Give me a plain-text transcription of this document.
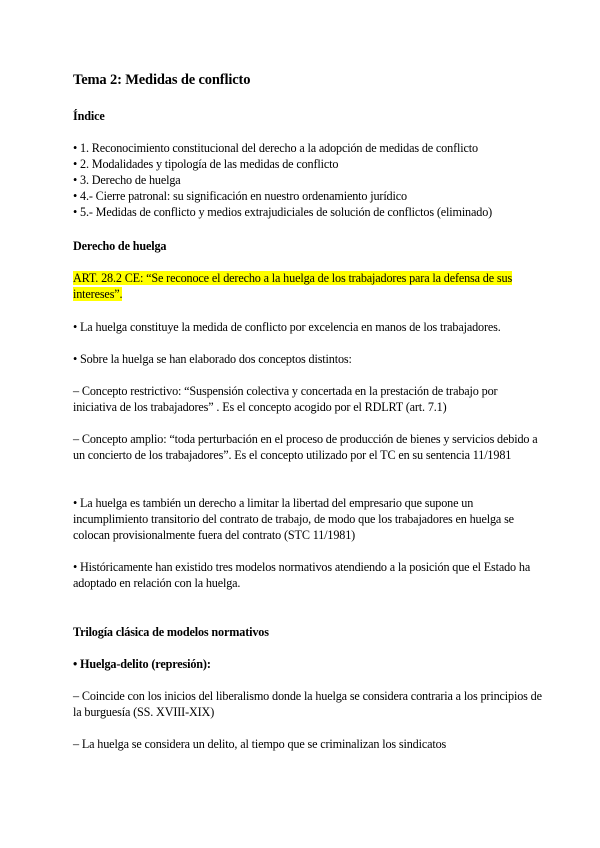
Tema 2: Medidas de conflicto

Índice

• 1. Reconocimiento constitucional del derecho a la adopción de medidas de conflicto
• 2. Modalidades y tipología de las medidas de conflicto
• 3. Derecho de huelga
• 4.- Cierre patronal: su significación en nuestro ordenamiento jurídico
• 5.- Medidas de conflicto y medios extrajudiciales de solución de conflictos (eliminado)

Derecho de huelga

ART. 28.2 CE: “Se reconoce el derecho a la huelga de los trabajadores para la defensa de sus intereses”.

• La huelga constituye la medida de conflicto por excelencia en manos de los trabajadores.

• Sobre la huelga se han elaborado dos conceptos distintos:

– Concepto restrictivo: “Suspensión colectiva y concertada en la prestación de trabajo por iniciativa de los trabajadores” . Es el concepto acogido por el RDLRT (art. 7.1)

– Concepto amplio: “toda perturbación en el proceso de producción de bienes y servicios debido a un concierto de los trabajadores”. Es el concepto utilizado por el TC en su sentencia 11/1981

• La huelga es también un derecho a limitar la libertad del empresario que supone un incumplimiento transitorio del contrato de trabajo, de modo que los trabajadores en huelga se colocan provisionalmente fuera del contrato (STC 11/1981)

• Históricamente han existido tres modelos normativos atendiendo a la posición que el Estado ha adoptado en relación con la huelga.

Trilogía clásica de modelos normativos

• Huelga-delito (represión):

– Coincide con los inicios del liberalismo donde la huelga se considera contraria a los principios de la burguesía (SS. XVIII-XIX)

– La huelga se considera un delito, al tiempo que se criminalizan los sindicatos
